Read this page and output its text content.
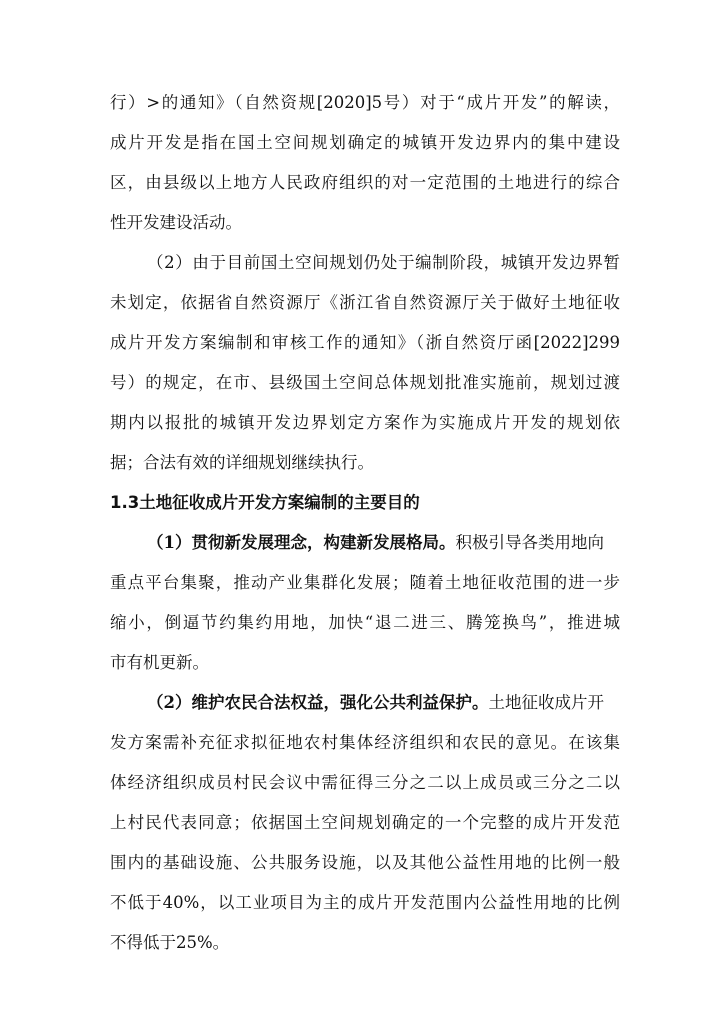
行）>的通知》（自然资规[2020]5号）对于“成片开发”的解读，
成片开发是指在国土空间规划确定的城镇开发边界内的集中建设
区，由县级以上地方人民政府组织的对一定范围的土地进行的综合
性开发建设活动。
（2）由于目前国土空间规划仍处于编制阶段，城镇开发边界暂
未划定，依据省自然资源厅《浙江省自然资源厅关于做好土地征收
成片开发方案编制和审核工作的通知》（浙自然资厅函[2022]299
号）的规定，在市、县级国土空间总体规划批准实施前，规划过渡
期内以报批的城镇开发边界划定方案作为实施成片开发的规划依
据；合法有效的详细规划继续执行。
1.3土地征收成片开发方案编制的主要目的
（1）贯彻新发展理念，构建新发展格局。积极引导各类用地向
重点平台集聚，推动产业集群化发展；随着土地征收范围的进一步
缩小，倒逼节约集约用地，加快“退二进三、腾笼换鸟”，推进城
市有机更新。
（2）维护农民合法权益，强化公共利益保护。土地征收成片开
发方案需补充征求拟征地农村集体经济组织和农民的意见。在该集
体经济组织成员村民会议中需征得三分之二以上成员或三分之二以
上村民代表同意；依据国土空间规划确定的一个完整的成片开发范
围内的基础设施、公共服务设施，以及其他公益性用地的比例一般
不低于40%，以工业项目为主的成片开发范围内公益性用地的比例
不得低于25%。
